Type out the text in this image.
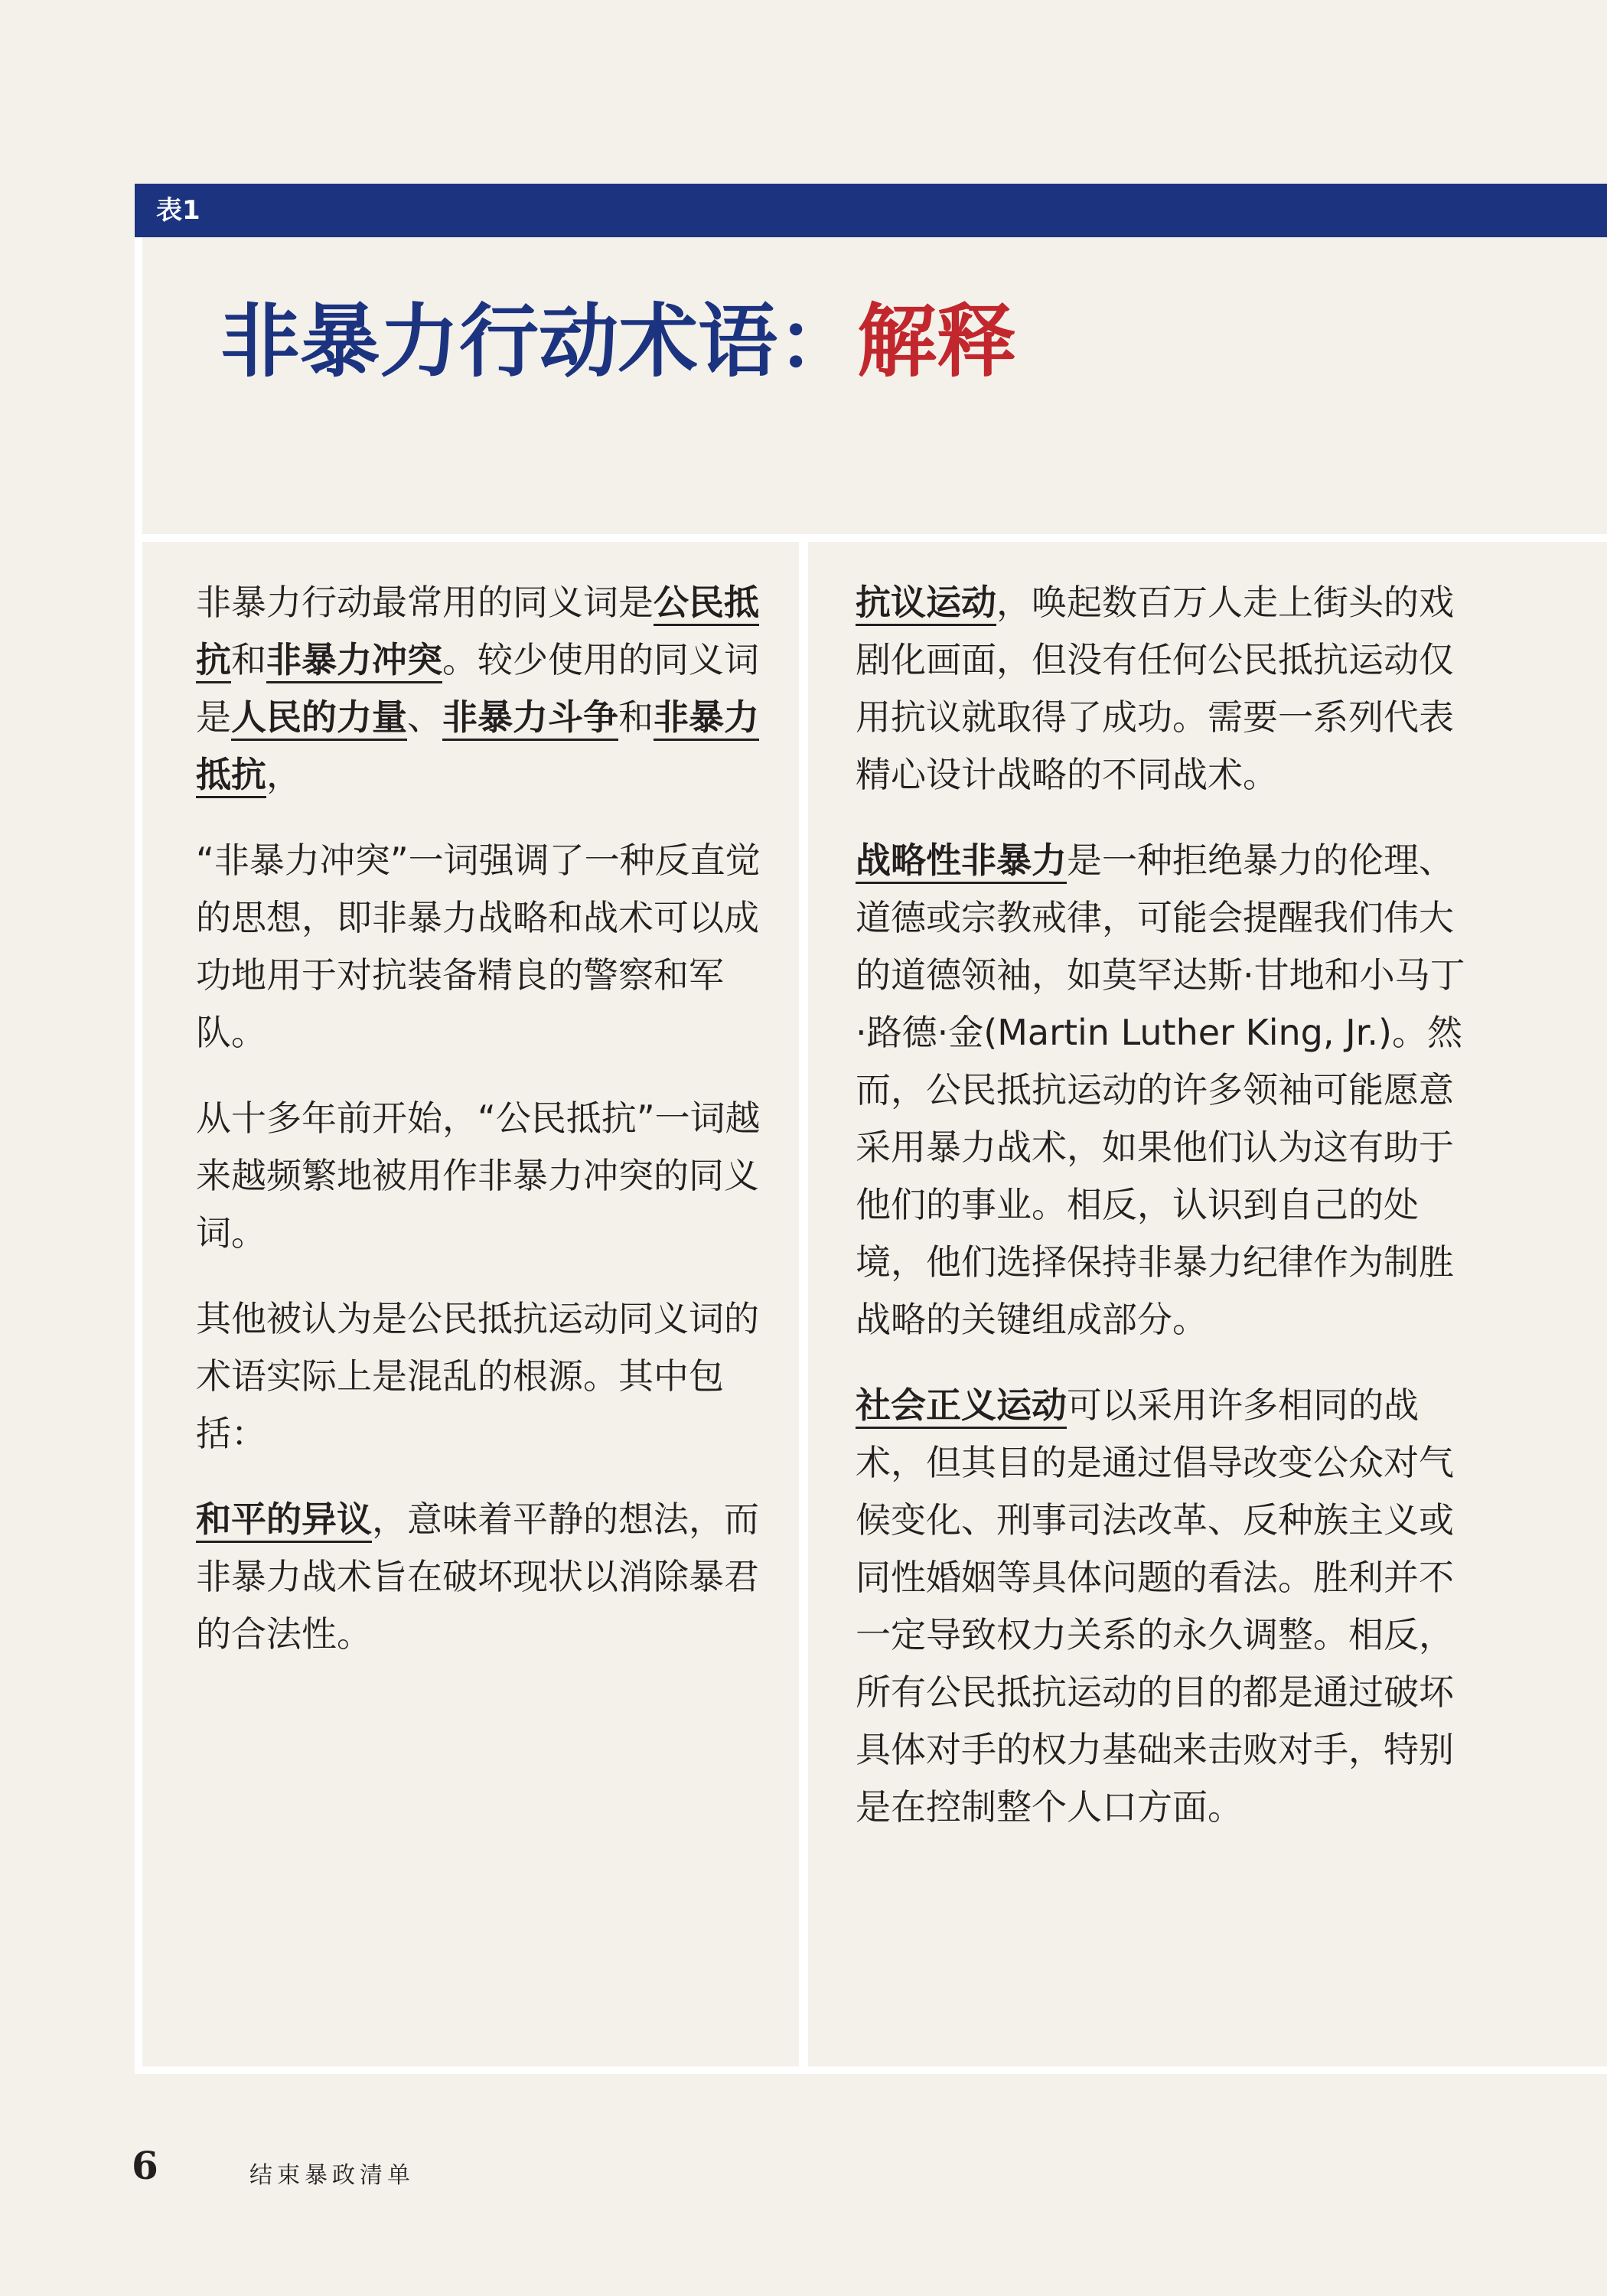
表1
非暴力行动术语：解释

非暴力行动最常用的同义词是公民抵抗和非暴力冲突。较少使用的同义词是人民的力量、非暴力斗争和非暴力抵抗，

“非暴力冲突”一词强调了一种反直觉的思想，即非暴力战略和战术可以成功地用于对抗装备精良的警察和军队。

从十多年前开始，“公民抵抗”一词越来越频繁地被用作非暴力冲突的同义词。

其他被认为是公民抵抗运动同义词的术语实际上是混乱的根源。其中包括：

和平的异议，意味着平静的想法，而非暴力战术旨在破坏现状以消除暴君的合法性。

抗议运动，唤起数百万人走上街头的戏剧化画面，但没有任何公民抵抗运动仅用抗议就取得了成功。需要一系列代表精心设计战略的不同战术。

战略性非暴力是一种拒绝暴力的伦理、道德或宗教戒律，可能会提醒我们伟大的道德领袖，如莫罕达斯·甘地和小马丁·路德·金(Martin Luther King, Jr.)。然而，公民抵抗运动的许多领袖可能愿意采用暴力战术，如果他们认为这有助于他们的事业。相反，认识到自己的处境，他们选择保持非暴力纪律作为制胜战略的关键组成部分。

社会正义运动可以采用许多相同的战术，但其目的是通过倡导改变公众对气候变化、刑事司法改革、反种族主义或同性婚姻等具体问题的看法。胜利并不一定导致权力关系的永久调整。相反，所有公民抵抗运动的目的都是通过破坏具体对手的权力基础来击败对手，特别是在控制整个人口方面。

6	结束暴政清单
